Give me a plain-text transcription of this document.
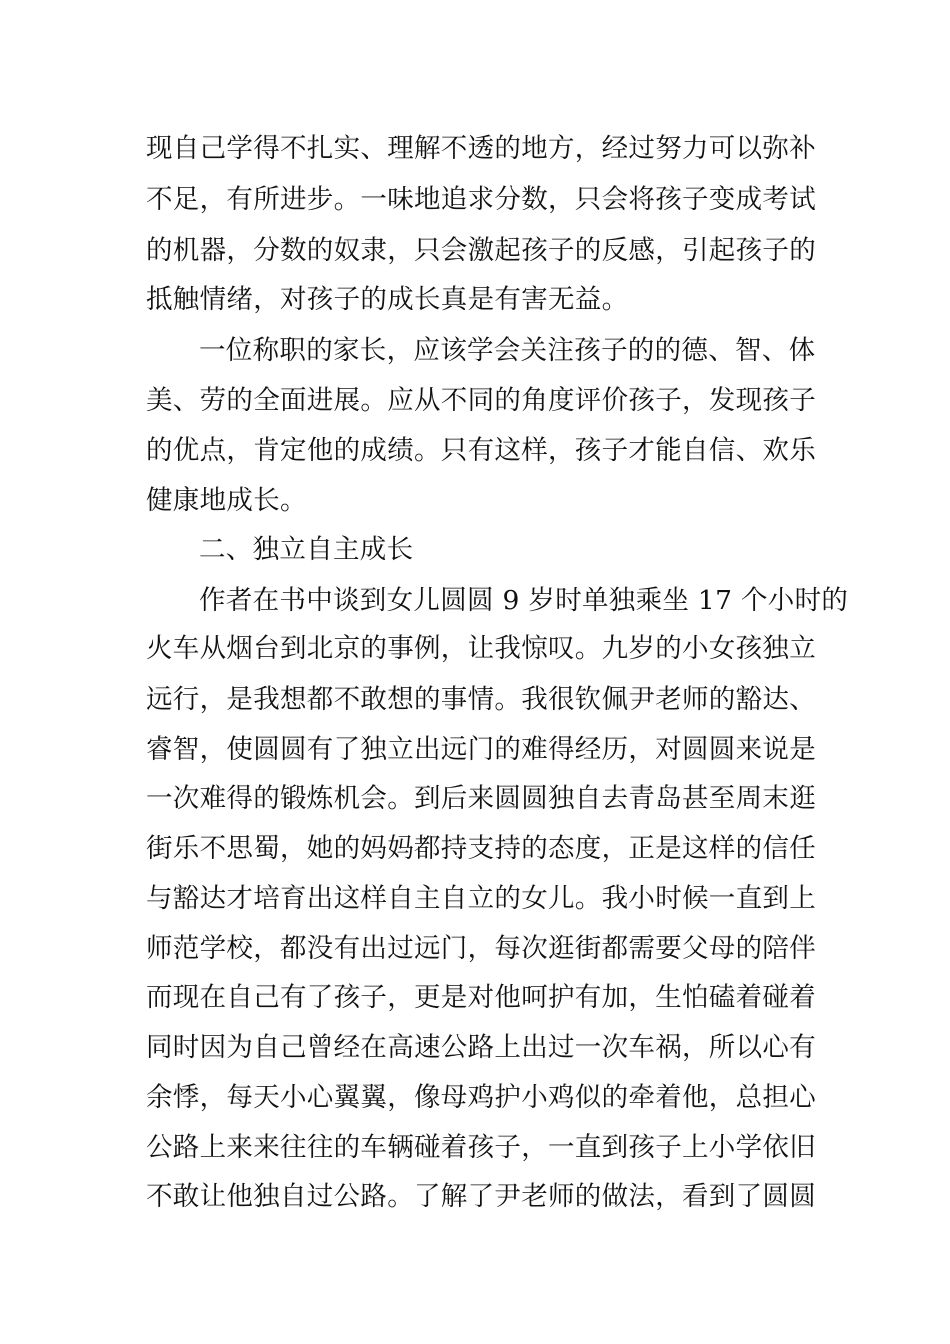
现自己学得不扎实、理解不透的地方，经过努力可以弥补
不足，有所进步。一味地追求分数，只会将孩子变成考试
的机器，分数的奴隶，只会激起孩子的反感，引起孩子的
抵触情绪，对孩子的成长真是有害无益。
一位称职的家长，应该学会关注孩子的的德、智、体
美、劳的全面进展。应从不同的角度评价孩子，发现孩子
的优点，肯定他的成绩。只有这样，孩子才能自信、欢乐
健康地成长。
二、独立自主成长
作者在书中谈到女儿圆圆 9 岁时单独乘坐 17 个小时的
火车从烟台到北京的事例，让我惊叹。九岁的小女孩独立
远行，是我想都不敢想的事情。我很钦佩尹老师的豁达、
睿智，使圆圆有了独立出远门的难得经历，对圆圆来说是
一次难得的锻炼机会。到后来圆圆独自去青岛甚至周末逛
街乐不思蜀，她的妈妈都持支持的态度，正是这样的信任
与豁达才培育出这样自主自立的女儿。我小时候一直到上
师范学校，都没有出过远门，每次逛街都需要父母的陪伴
而现在自己有了孩子，更是对他呵护有加，生怕磕着碰着
同时因为自己曾经在高速公路上出过一次车祸，所以心有
余悸，每天小心翼翼，像母鸡护小鸡似的牵着他，总担心
公路上来来往往的车辆碰着孩子，一直到孩子上小学依旧
不敢让他独自过公路。了解了尹老师的做法，看到了圆圆
